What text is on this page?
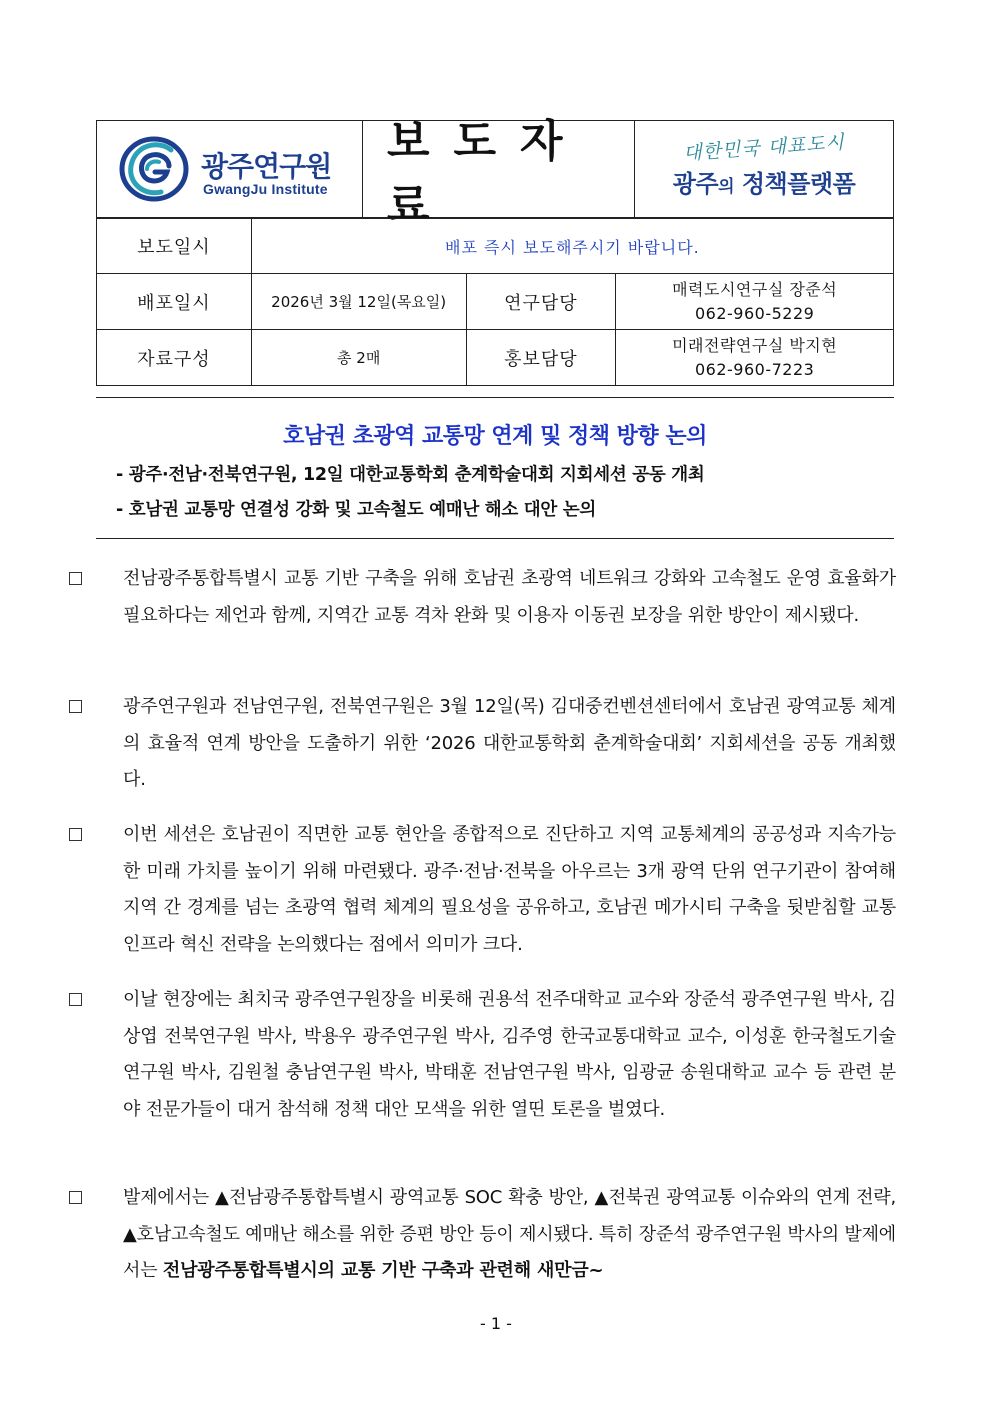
광주연구원
GwangJu Institute
보도자료
대한민국 대표도시
광주의 정책플랫폼
보도일시	배포 즉시 보도해주시기 바랍니다.		
배포일시	2026년 3월 12일(목요일)	연구담당	매력도시연구실 장준석
062-960-5229

자료구성	총 2매	홍보담당	미래전략연구실 박지현
062-960-7223
호남권 초광역 교통망 연계 및 정책 방향 논의
- 광주·전남·전북연구원, 12일 대한교통학회 춘계학술대회 지회세션 공동 개최
- 호남권 교통망 연결성 강화 및 고속철도 예매난 해소 대안 논의
전남광주통합특별시 교통 기반 구축을 위해 호남권 초광역 네트워크 강화와 고속철도 운영 효율화가 필요하다는 제언과 함께, 지역간 교통 격차 완화 및 이용자 이동권 보장을 위한 방안이 제시됐다.
광주연구원과 전남연구원, 전북연구원은 3월 12일(목) 김대중컨벤션센터에서 호남권 광역교통 체계의 효율적 연계 방안을 도출하기 위한 ‘2026 대한교통학회 춘계학술대회’ 지회세션을 공동 개최했다.
이번 세션은 호남권이 직면한 교통 현안을 종합적으로 진단하고 지역 교통체계의 공공성과 지속가능한 미래 가치를 높이기 위해 마련됐다. 광주·전남·전북을 아우르는 3개 광역 단위 연구기관이 참여해 지역 간 경계를 넘는 초광역 협력 체계의 필요성을 공유하고, 호남권 메가시티 구축을 뒷받침할 교통 인프라 혁신 전략을 논의했다는 점에서 의미가 크다.
이날 현장에는 최치국 광주연구원장을 비롯해 권용석 전주대학교 교수와 장준석 광주연구원 박사, 김상엽 전북연구원 박사, 박용우 광주연구원 박사, 김주영 한국교통대학교 교수, 이성훈 한국철도기술연구원 박사, 김원철 충남연구원 박사, 박태훈 전남연구원 박사, 임광균 송원대학교 교수 등 관련 분야 전문가들이 대거 참석해 정책 대안 모색을 위한 열띤 토론을 벌였다.
발제에서는 ▲전남광주통합특별시 광역교통 SOC 확충 방안, ▲전북권 광역교통 이슈와의 연계 전략, ▲호남고속철도 예매난 해소를 위한 증편 방안 등이 제시됐다. 특히 장준석 광주연구원 박사의 발제에서는 전남광주통합특별시의 교통 기반 구축과 관련해 새만금~
- 1 -
